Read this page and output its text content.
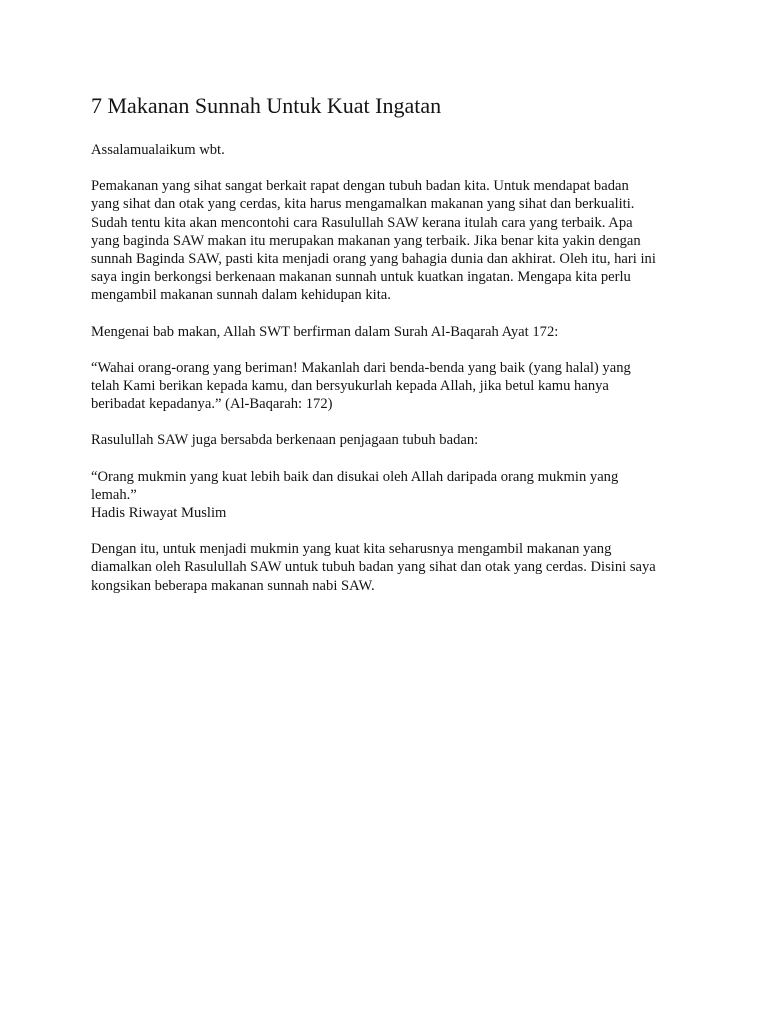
7 Makanan Sunnah Untuk Kuat Ingatan

Assalamualaikum wbt.

Pemakanan yang sihat sangat berkait rapat dengan tubuh badan kita. Untuk mendapat badan
yang sihat dan otak yang cerdas, kita harus mengamalkan makanan yang sihat dan berkualiti.
Sudah tentu kita akan mencontohi cara Rasulullah SAW kerana itulah cara yang terbaik. Apa
yang baginda SAW makan itu merupakan makanan yang terbaik. Jika benar kita yakin dengan
sunnah Baginda SAW, pasti kita menjadi orang yang bahagia dunia dan akhirat. Oleh itu, hari ini
saya ingin berkongsi berkenaan makanan sunnah untuk kuatkan ingatan. Mengapa kita perlu
mengambil makanan sunnah dalam kehidupan kita.

Mengenai bab makan, Allah SWT berfirman dalam Surah Al-Baqarah Ayat 172:

“Wahai orang-orang yang beriman! Makanlah dari benda-benda yang baik (yang halal) yang
telah Kami berikan kepada kamu, dan bersyukurlah kepada Allah, jika betul kamu hanya
beribadat kepadanya.” (Al-Baqarah: 172)

Rasulullah SAW juga bersabda berkenaan penjagaan tubuh badan:

“Orang mukmin yang kuat lebih baik dan disukai oleh Allah daripada orang mukmin yang
lemah.”
Hadis Riwayat Muslim

Dengan itu, untuk menjadi mukmin yang kuat kita seharusnya mengambil makanan yang
diamalkan oleh Rasulullah SAW untuk tubuh badan yang sihat dan otak yang cerdas. Disini saya
kongsikan beberapa makanan sunnah nabi SAW.
